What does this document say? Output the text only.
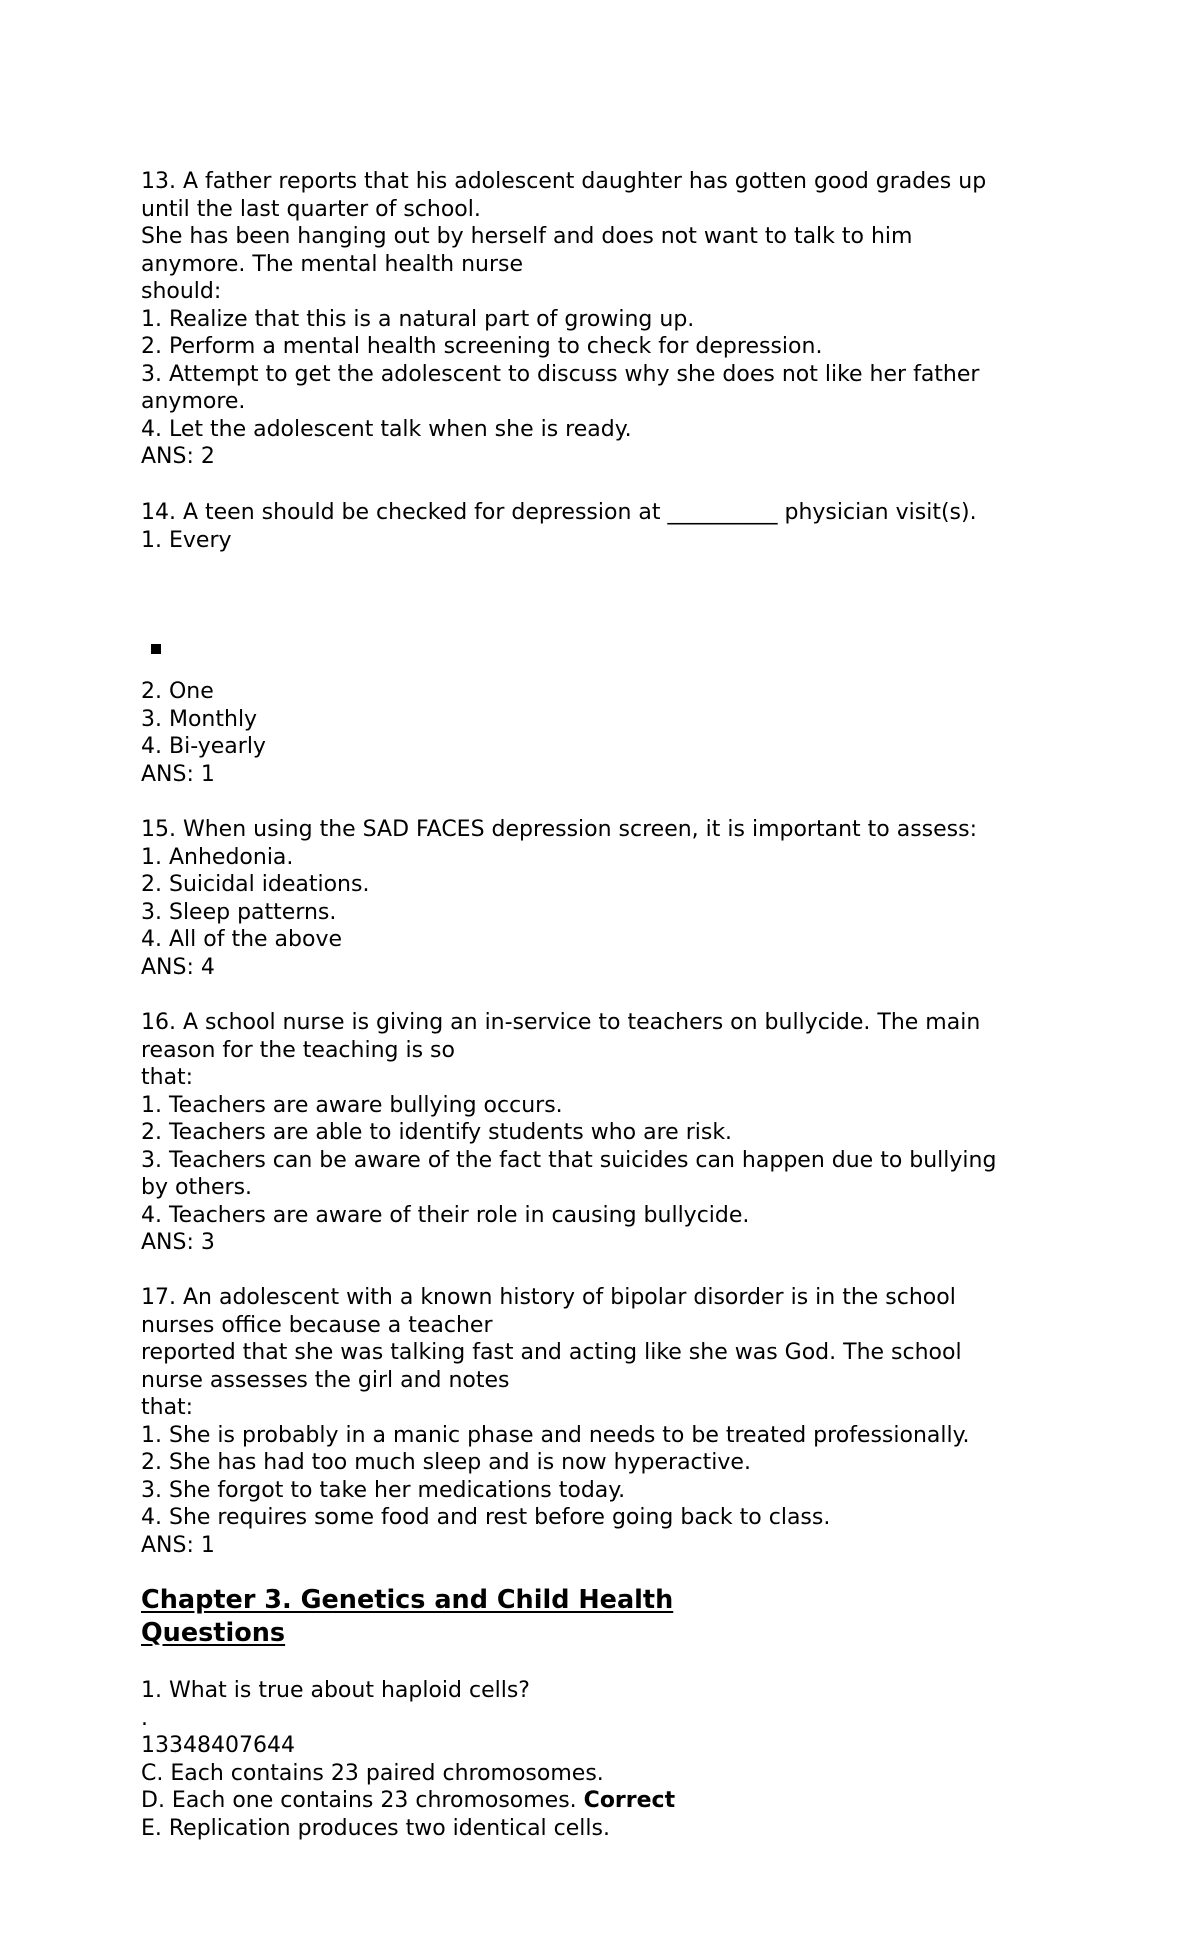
13. A father reports that his adolescent daughter has gotten good grades up
until the last quarter of school.
She has been hanging out by herself and does not want to talk to him
anymore. The mental health nurse
should:
1. Realize that this is a natural part of growing up.
2. Perform a mental health screening to check for depression.
3. Attempt to get the adolescent to discuss why she does not like her father
anymore.
4. Let the adolescent talk when she is ready.
ANS: 2
14. A teen should be checked for depression at __________ physician visit(s).
1. Every
2. One
3. Monthly
4. Bi-yearly
ANS: 1
15. When using the SAD FACES depression screen, it is important to assess:
1. Anhedonia.
2. Suicidal ideations.
3. Sleep patterns.
4. All of the above
ANS: 4
16. A school nurse is giving an in-service to teachers on bullycide. The main
reason for the teaching is so
that:
1. Teachers are aware bullying occurs.
2. Teachers are able to identify students who are risk.
3. Teachers can be aware of the fact that suicides can happen due to bullying
by others.
4. Teachers are aware of their role in causing bullycide.
ANS: 3
17. An adolescent with a known history of bipolar disorder is in the school
nurses office because a teacher
reported that she was talking fast and acting like she was God. The school
nurse assesses the girl and notes
that:
1. She is probably in a manic phase and needs to be treated professionally.
2. She has had too much sleep and is now hyperactive.
3. She forgot to take her medications today.
4. She requires some food and rest before going back to class.
ANS: 1
Chapter 3. Genetics and Child Health
Questions
1. What is true about haploid cells?
.
13348407644
C. Each contains 23 paired chromosomes.
D. Each one contains 23 chromosomes. Correct
E. Replication produces two identical cells.
